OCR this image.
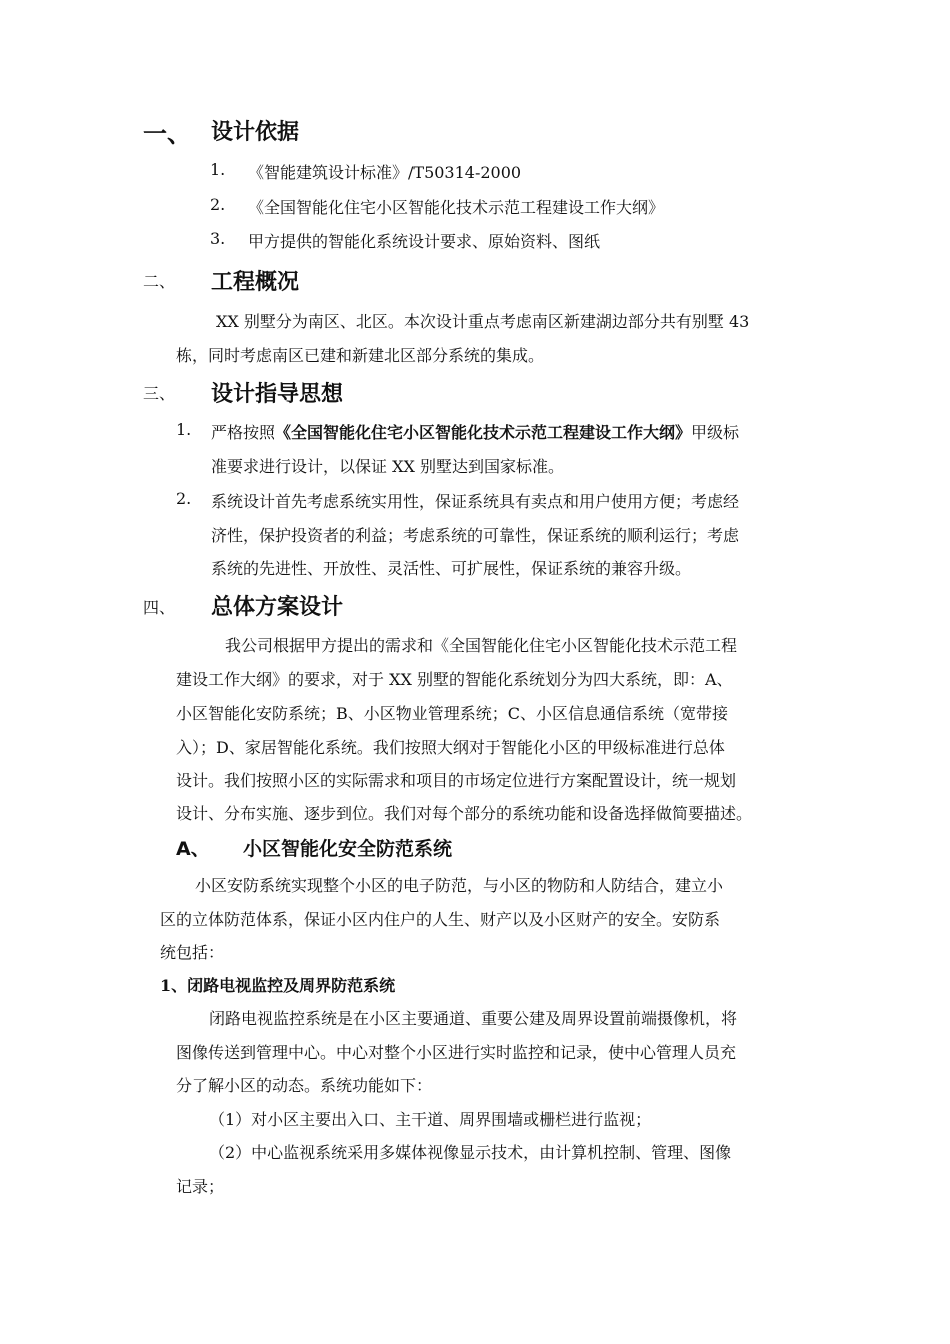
一、 设计依据
1. 《智能建筑设计标准》/T50314-2000
2. 《全国智能化住宅小区智能化技术示范工程建设工作大纲》
3. 甲方提供的智能化系统设计要求、原始资料、图纸
二、 工程概况
XX 别墅分为南区、北区。本次设计重点考虑南区新建湖边部分共有别墅 43
栋，同时考虑南区已建和新建北区部分系统的集成。
三、 设计指导思想
1. 严格按照《全国智能化住宅小区智能化技术示范工程建设工作大纲》甲级标
准要求进行设计，以保证 XX 别墅达到国家标准。
2. 系统设计首先考虑系统实用性，保证系统具有卖点和用户使用方便；考虑经
济性，保护投资者的利益；考虑系统的可靠性，保证系统的顺利运行；考虑
系统的先进性、开放性、灵活性、可扩展性，保证系统的兼容升级。
四、 总体方案设计
我公司根据甲方提出的需求和《全国智能化住宅小区智能化技术示范工程
建设工作大纲》的要求，对于 XX 别墅的智能化系统划分为四大系统，即：A、
小区智能化安防系统；B、小区物业管理系统；C、小区信息通信系统（宽带接
入）；D、家居智能化系统。我们按照大纲对于智能化小区的甲级标准进行总体
设计。我们按照小区的实际需求和项目的市场定位进行方案配置设计，统一规划
设计、分布实施、逐步到位。我们对每个部分的系统功能和设备选择做简要描述。
A、 小区智能化安全防范系统
小区安防系统实现整个小区的电子防范，与小区的物防和人防结合，建立小
区的立体防范体系，保证小区内住户的人生、财产以及小区财产的安全。安防系
统包括：
1、闭路电视监控及周界防范系统
闭路电视监控系统是在小区主要通道、重要公建及周界设置前端摄像机，将
图像传送到管理中心。中心对整个小区进行实时监控和记录，使中心管理人员充
分了解小区的动态。系统功能如下：
（1）对小区主要出入口、主干道、周界围墙或栅栏进行监视；
（2）中心监视系统采用多媒体视像显示技术，由计算机控制、管理、图像
记录；
